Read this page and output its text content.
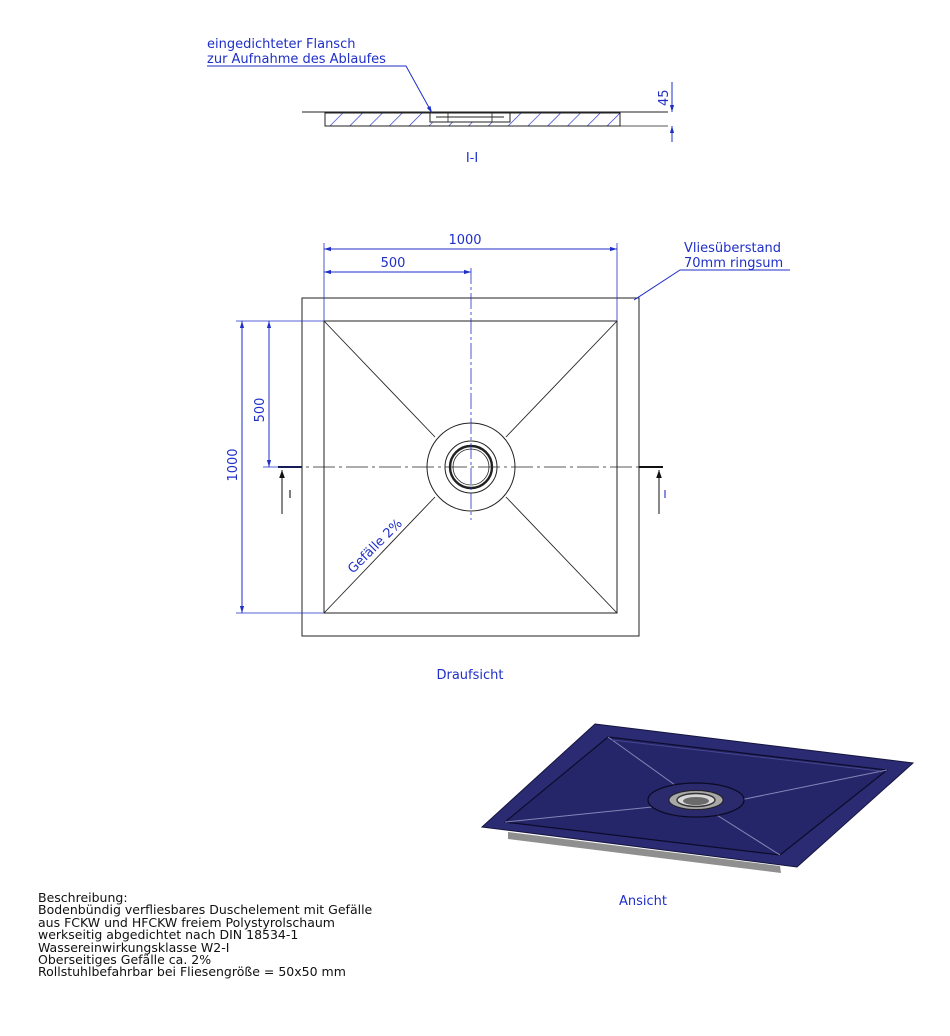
eingedichteter Flansch
zur Aufnahme des Ablaufes
45
I-I
I	I
1000
500
1000
500
Vliesüberstand
70mm ringsum
Gefälle 2%
Draufsicht
Ansicht
Beschreibung:
Bodenbündig verfliesbares Duschelement mit Gefälle
aus FCKW und HFCKW freiem Polystyrolschaum
werkseitig abgedichtet nach DIN 18534-1
Wassereinwirkungsklasse W2-I
Oberseitiges Gefälle ca. 2%
Rollstuhlbefahrbar bei Fliesengröße = 50x50 mm
